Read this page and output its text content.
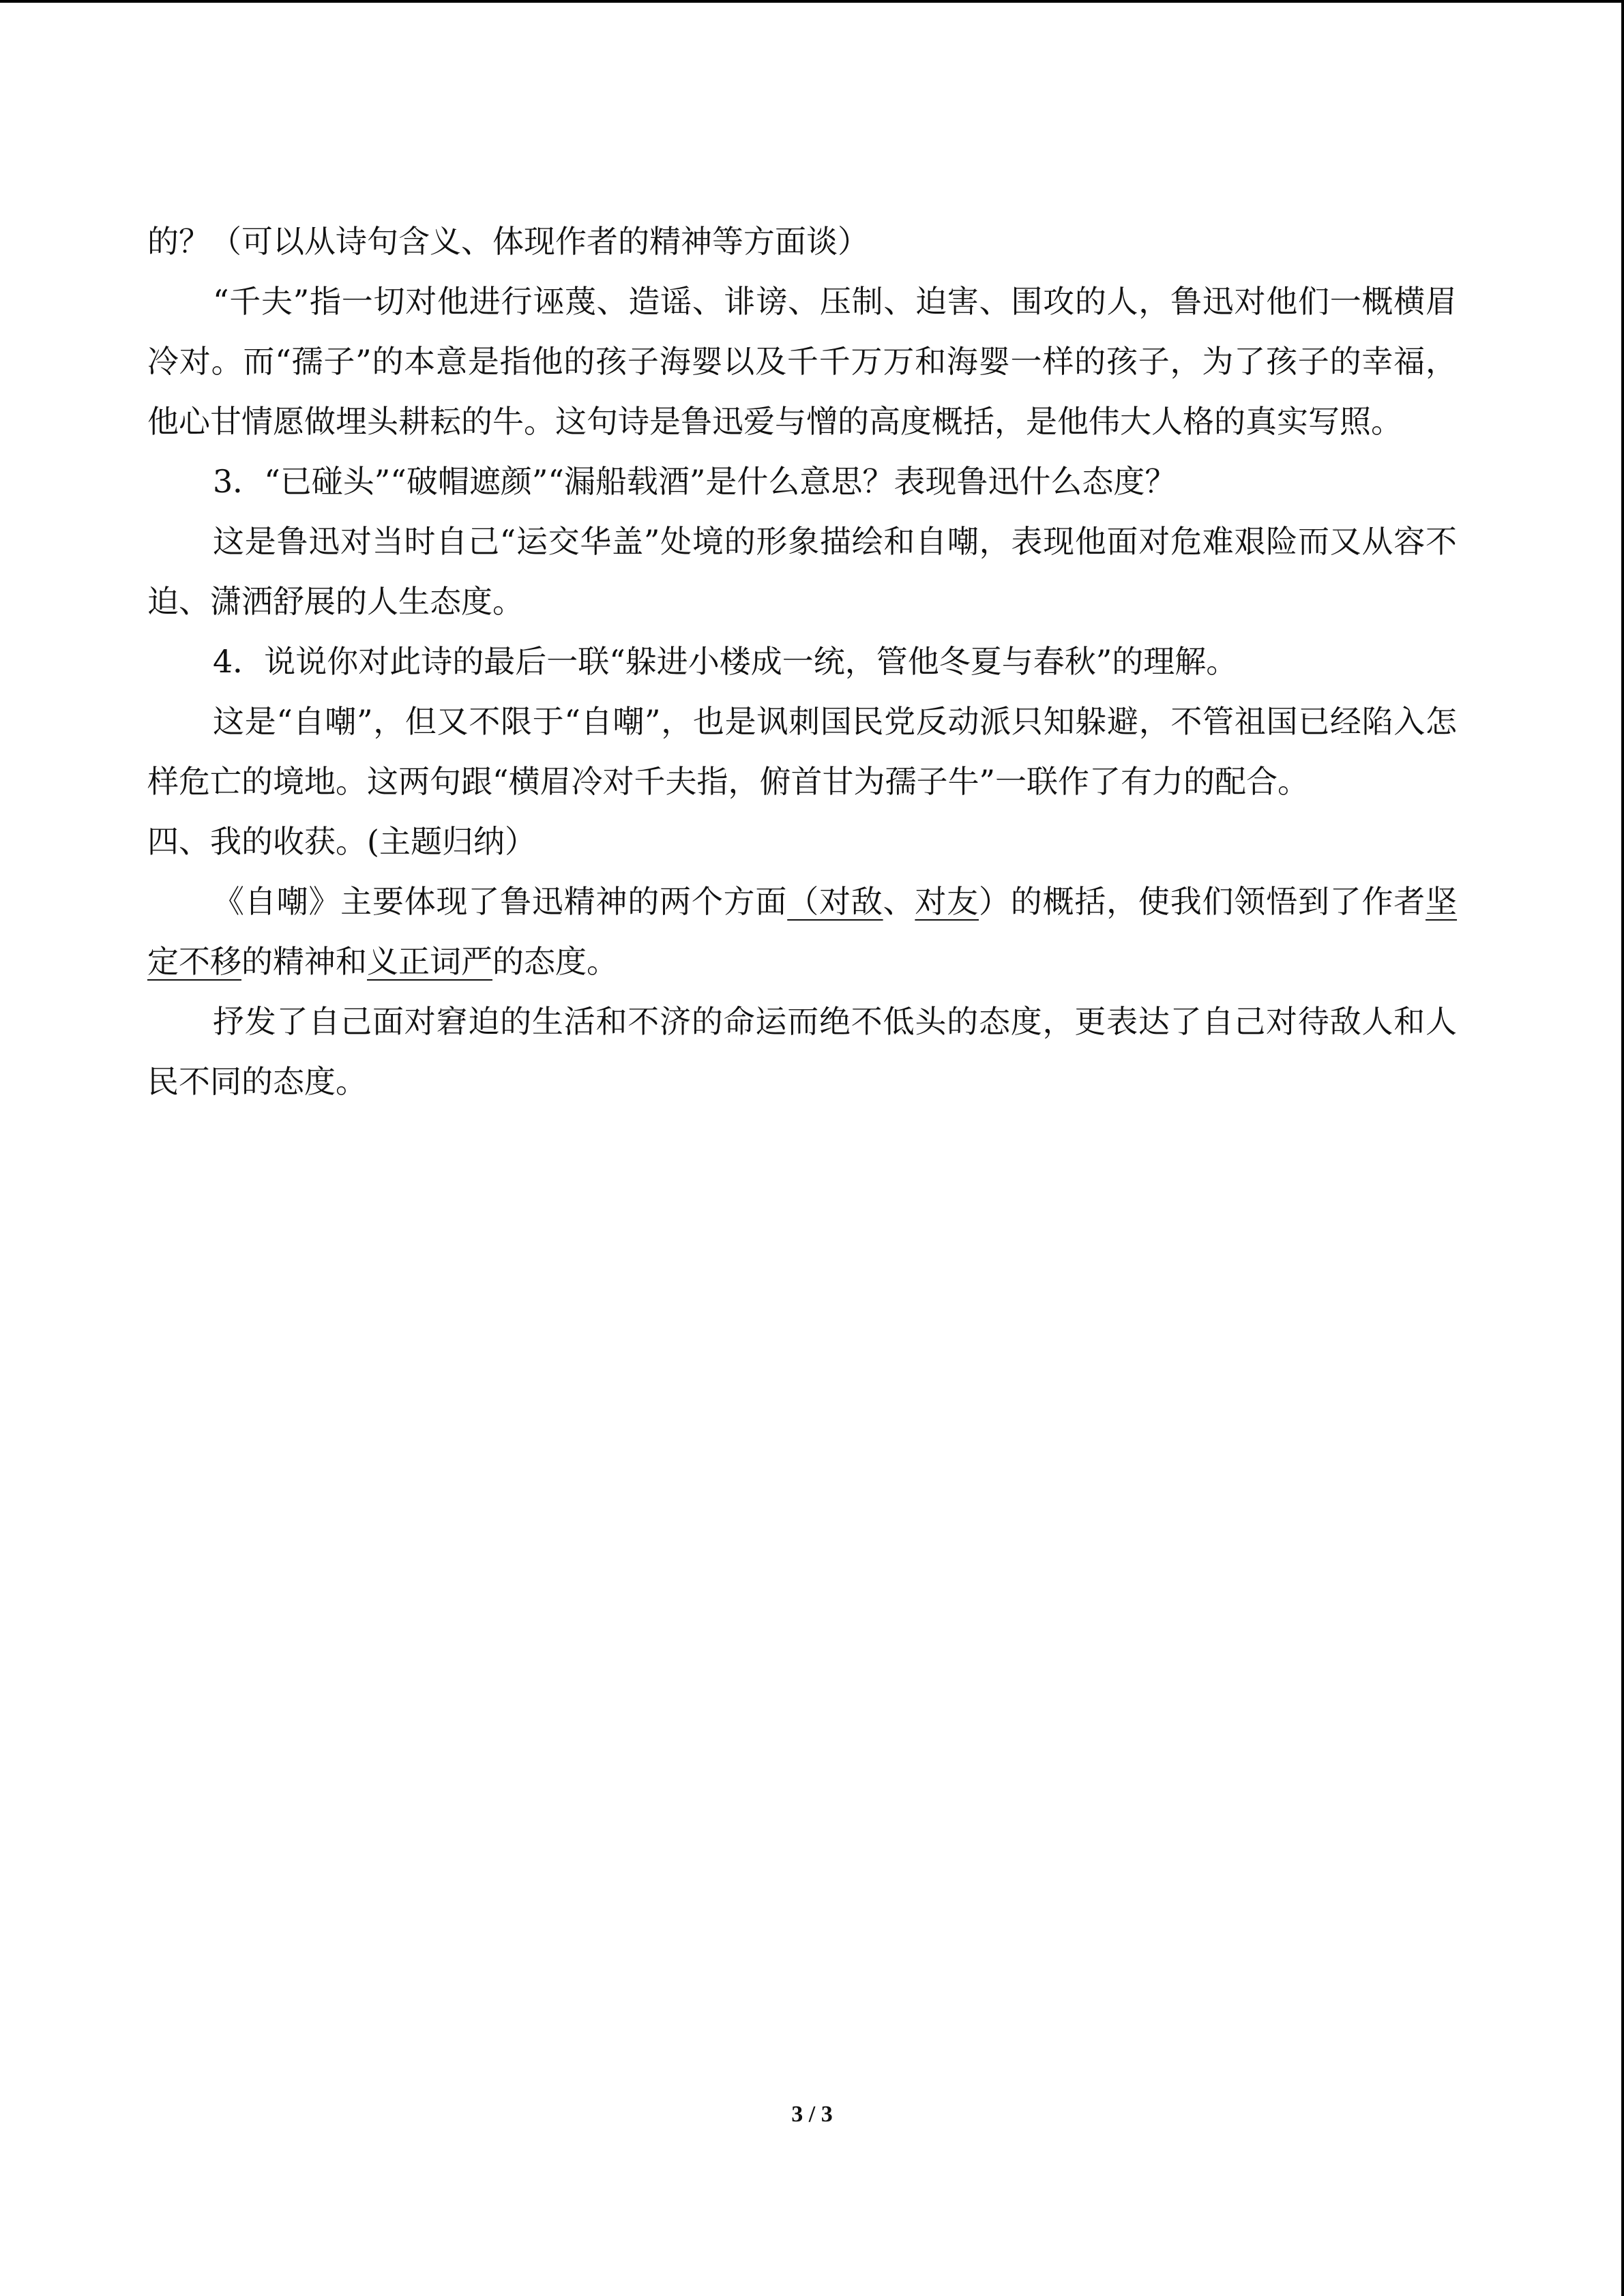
的？（可以从诗句含义、体现作者的精神等方面谈）

“千夫”指一切对他进行诬蔑、造谣、诽谤、压制、迫害、围攻的人，鲁迅对他们一概横眉冷对。而“孺子”的本意是指他的孩子海婴以及千千万万和海婴一样的孩子，为了孩子的幸福，他心甘情愿做埋头耕耘的牛。这句诗是鲁迅爱与憎的高度概括，是他伟大人格的真实写照。

3．“已碰头”“破帽遮颜”“漏船载酒”是什么意思？表现鲁迅什么态度？

这是鲁迅对当时自己“运交华盖”处境的形象描绘和自嘲，表现他面对危难艰险而又从容不迫、潇洒舒展的人生态度。

4．说说你对此诗的最后一联“躲进小楼成一统，管他冬夏与春秋”的理解。

这是“自嘲”，但又不限于“自嘲”，也是讽刺国民党反动派只知躲避，不管祖国已经陷入怎样危亡的境地。这两句跟“横眉冷对千夫指，俯首甘为孺子牛”一联作了有力的配合。

四、我的收获。(主题归纳）

《自嘲》主要体现了鲁迅精神的两个方面（对敌、对友）的概括，使我们领悟到了作者坚定不移的精神和义正词严的态度。

抒发了自己面对窘迫的生活和不济的命运而绝不低头的态度，更表达了自己对待敌人和人民不同的态度。

3 / 3
